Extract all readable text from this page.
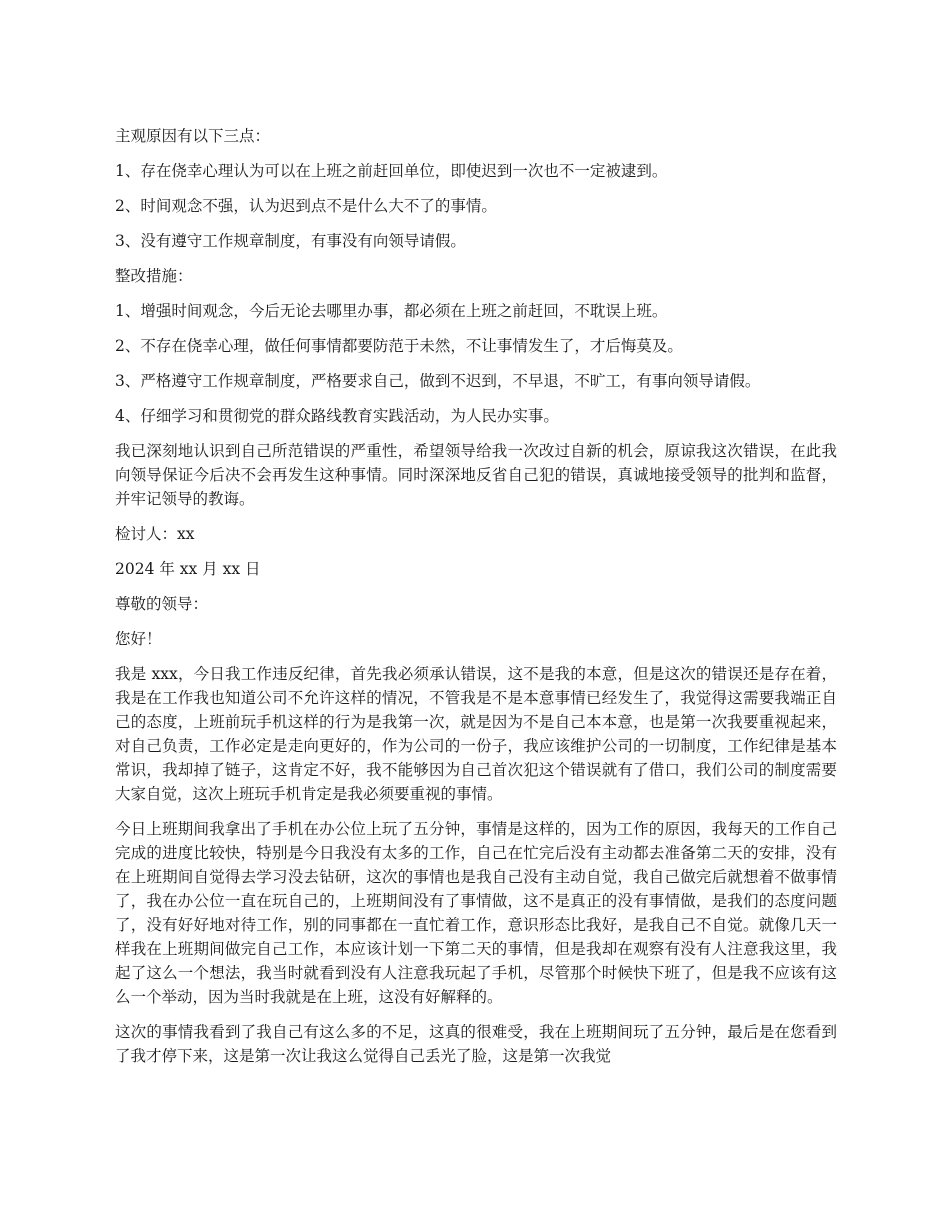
主观原因有以下三点：

1、存在侥幸心理认为可以在上班之前赶回单位，即使迟到一次也不一定被逮到。

2、时间观念不强，认为迟到点不是什么大不了的事情。

3、没有遵守工作规章制度，有事没有向领导请假。

整改措施：

1、增强时间观念，今后无论去哪里办事，都必须在上班之前赶回，不耽误上班。

2、不存在侥幸心理，做任何事情都要防范于未然，不让事情发生了，才后悔莫及。

3、严格遵守工作规章制度，严格要求自己，做到不迟到，不早退，不旷工，有事向领导请假。

4、仔细学习和贯彻党的群众路线教育实践活动，为人民办实事。

我已深刻地认识到自己所范错误的严重性，希望领导给我一次改过自新的机会，原谅我这次错误，在此我向领导保证今后决不会再发生这种事情。同时深深地反省自己犯的错误，真诚地接受领导的批判和监督，并牢记领导的教诲。

检讨人：xx

2024 年 xx 月 xx 日

尊敬的领导：

您好！

我是 xxx，今日我工作违反纪律，首先我必须承认错误，这不是我的本意，但是这次的错误还是存在着，我是在工作我也知道公司不允许这样的情况，不管我是不是本意事情已经发生了，我觉得这需要我端正自己的态度，上班前玩手机这样的行为是我第一次，就是因为不是自己本本意，也是第一次我要重视起来，对自己负责，工作必定是走向更好的，作为公司的一份子，我应该维护公司的一切制度，工作纪律是基本常识，我却掉了链子，这肯定不好，我不能够因为自己首次犯这个错误就有了借口，我们公司的制度需要大家自觉，这次上班玩手机肯定是我必须要重视的事情。

今日上班期间我拿出了手机在办公位上玩了五分钟，事情是这样的，因为工作的原因，我每天的工作自己完成的进度比较快，特别是今日我没有太多的工作，自己在忙完后没有主动都去准备第二天的安排，没有在上班期间自觉得去学习没去钻研，这次的事情也是我自己没有主动自觉，我自己做完后就想着不做事情了，我在办公位一直在玩自己的，上班期间没有了事情做，这不是真正的没有事情做，是我们的态度问题了，没有好好地对待工作，别的同事都在一直忙着工作，意识形态比我好，是我自己不自觉。就像几天一样我在上班期间做完自己工作，本应该计划一下第二天的事情，但是我却在观察有没有人注意我这里，我起了这么一个想法，我当时就看到没有人注意我玩起了手机，尽管那个时候快下班了，但是我不应该有这么一个举动，因为当时我就是在上班，这没有好解释的。

这次的事情我看到了我自己有这么多的不足，这真的很难受，我在上班期间玩了五分钟，最后是在您看到了我才停下来，这是第一次让我这么觉得自己丢光了脸，这是第一次我觉
